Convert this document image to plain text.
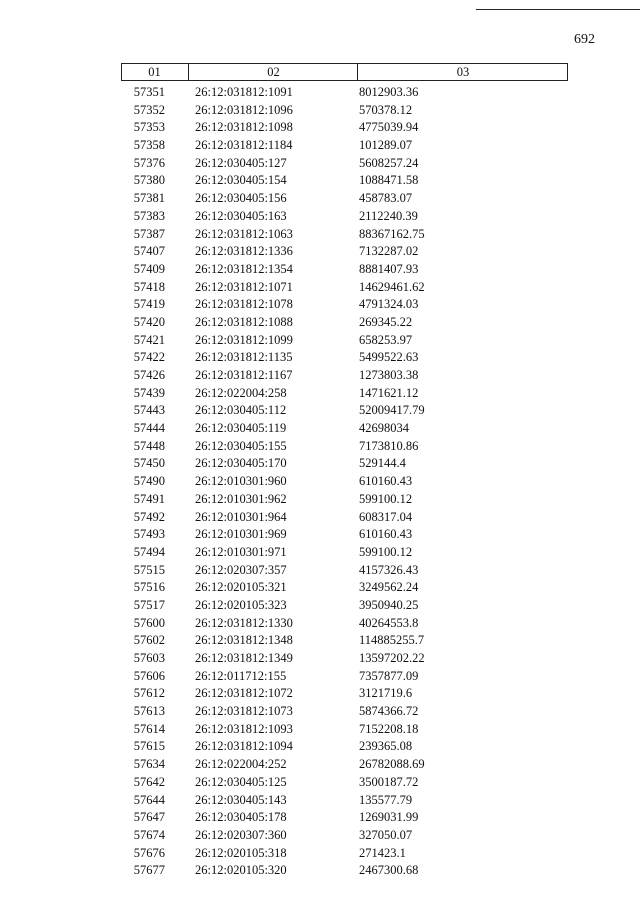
692
01	02	03
57351 26:12:031812:1091	8012903.36
57352 26:12:031812:1096	570378.12
57353 26:12:031812:1098	4775039.94
57358 26:12:031812:1184	101289.07
57376 26:12:030405:127	5608257.24
57380 26:12:030405:154	1088471.58
57381 26:12:030405:156	458783.07
57383 26:12:030405:163	2112240.39
57387 26:12:031812:1063	88367162.75
57407 26:12:031812:1336	7132287.02
57409 26:12:031812:1354	8881407.93
57418 26:12:031812:1071	14629461.62
57419 26:12:031812:1078	4791324.03
57420 26:12:031812:1088	269345.22
57421 26:12:031812:1099	658253.97
57422 26:12:031812:1135	5499522.63
57426 26:12:031812:1167	1273803.38
57439 26:12:022004:258	1471621.12
57443 26:12:030405:112	52009417.79
57444 26:12:030405:119	42698034
57448 26:12:030405:155	7173810.86
57450 26:12:030405:170	529144.4
57490 26:12:010301:960	610160.43
57491 26:12:010301:962	599100.12
57492 26:12:010301:964	608317.04
57493 26:12:010301:969	610160.43
57494 26:12:010301:971	599100.12
57515 26:12:020307:357	4157326.43
57516 26:12:020105:321	3249562.24
57517 26:12:020105:323	3950940.25
57600 26:12:031812:1330	40264553.8
57602 26:12:031812:1348	114885255.7
57603 26:12:031812:1349	13597202.22
57606 26:12:011712:155	7357877.09
57612 26:12:031812:1072	3121719.6
57613 26:12:031812:1073	5874366.72
57614 26:12:031812:1093	7152208.18
57615 26:12:031812:1094	239365.08
57634 26:12:022004:252	26782088.69
57642 26:12:030405:125	3500187.72
57644 26:12:030405:143	135577.79
57647 26:12:030405:178	1269031.99
57674 26:12:020307:360	327050.07
57676 26:12:020105:318	271423.1
57677 26:12:020105:320	2467300.68
